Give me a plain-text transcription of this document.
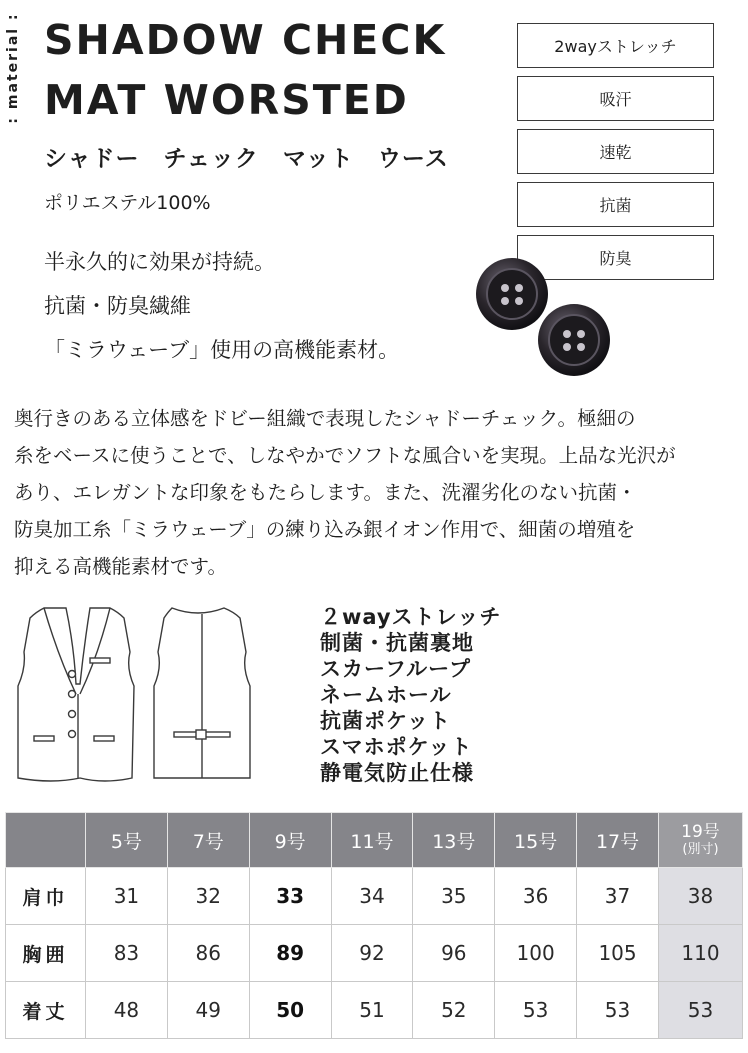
: material : SHADOW CHECK
MAT WORSTED
シャドー　チェック　マット　ウース
ポリエステル100%
半永久的に効果が持続。
抗菌・防臭繊維
「ミラウェーブ」使用の高機能素材。
2wayストレッチ
吸汗
速乾
抗菌
防臭
奥行きのある立体感をドビー組織で表現したシャドーチェック。極細の
糸をベースに使うことで、しなやかでソフトな風合いを実現。上品な光沢が
あり、エレガントな印象をもたらします。また、洗濯劣化のない抗菌・
防臭加工糸「ミラウェーブ」の練り込み銀イオン作用で、細菌の増殖を
抑える高機能素材です。
２wayストレッチ
制菌・抗菌裏地
スカーフループ
ネームホール
抗菌ポケット
スマホポケット
静電気防止仕様
	5号	7号	9号	11号	13号	15号	17号	19号
(別寸)

肩巾	31	32	33	34	35	36	37	38
胸囲	83	86	89	92	96	100	105	110
着丈	48	49	50	51	52	53	53	53
